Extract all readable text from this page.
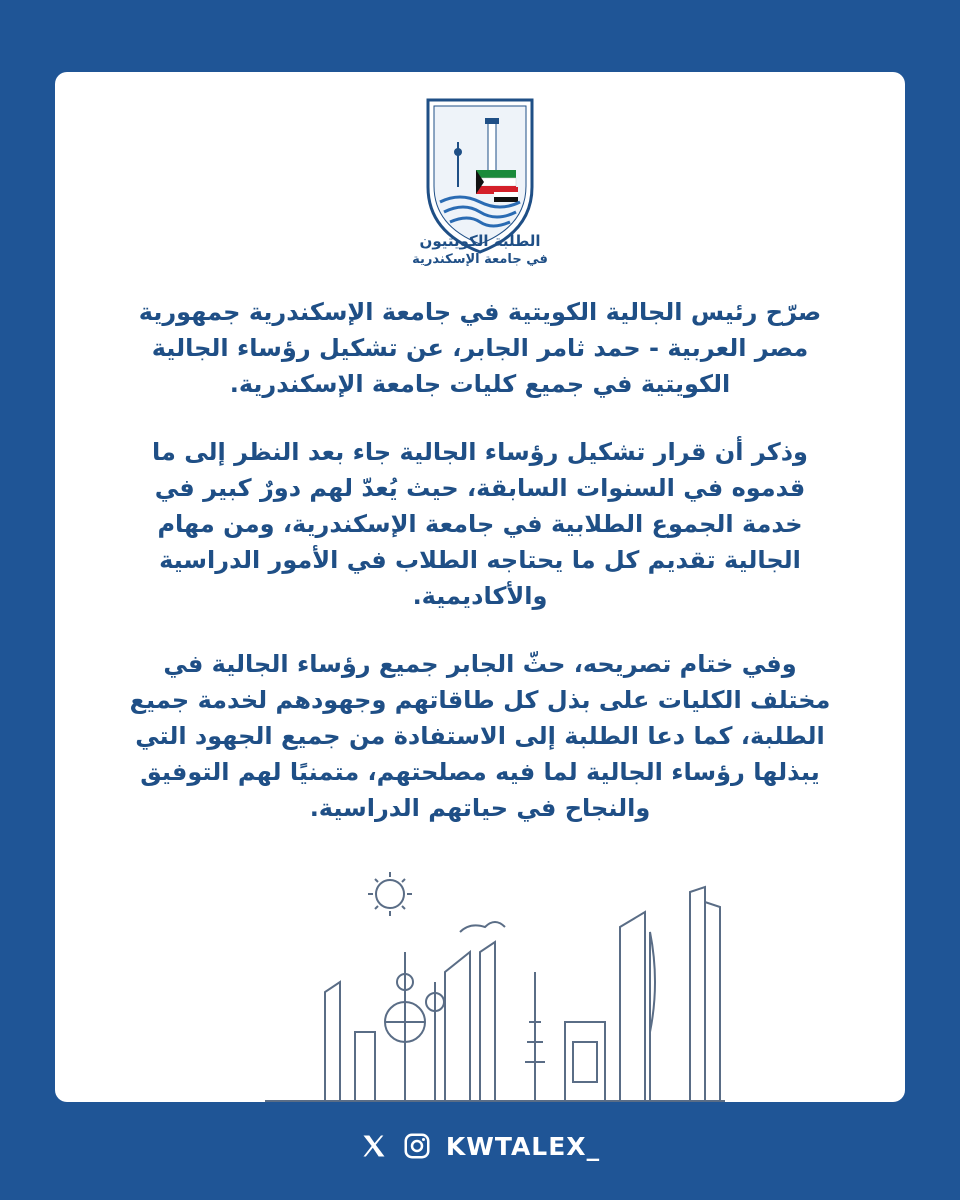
الطلبة الكويتيون
في جامعة الإسكندرية

صرّح رئيس الجالية الكويتية في جامعة الإسكندرية جمهورية مصر العربية - حمد ثامر الجابر، عن تشكيل رؤساء الجالية الكويتية في جميع كليات جامعة الإسكندرية.

وذكر أن قرار تشكيل رؤساء الجالية جاء بعد النظر إلى ما قدموه في السنوات السابقة، حيث يُعدّ لهم دورٌ كبير في خدمة الجموع الطلابية في جامعة الإسكندرية، ومن مهام الجالية تقديم كل ما يحتاجه الطلاب في الأمور الدراسية والأكاديمية.

وفي ختام تصريحه، حثّ الجابر جميع رؤساء الجالية في مختلف الكليات على بذل كل طاقاتهم وجهودهم لخدمة جميع الطلبة، كما دعا الطلبة إلى الاستفادة من جميع الجهود التي يبذلها رؤساء الجالية لما فيه مصلحتهم، متمنيًا لهم التوفيق والنجاح في حياتهم الدراسية.

KWTALEX_
